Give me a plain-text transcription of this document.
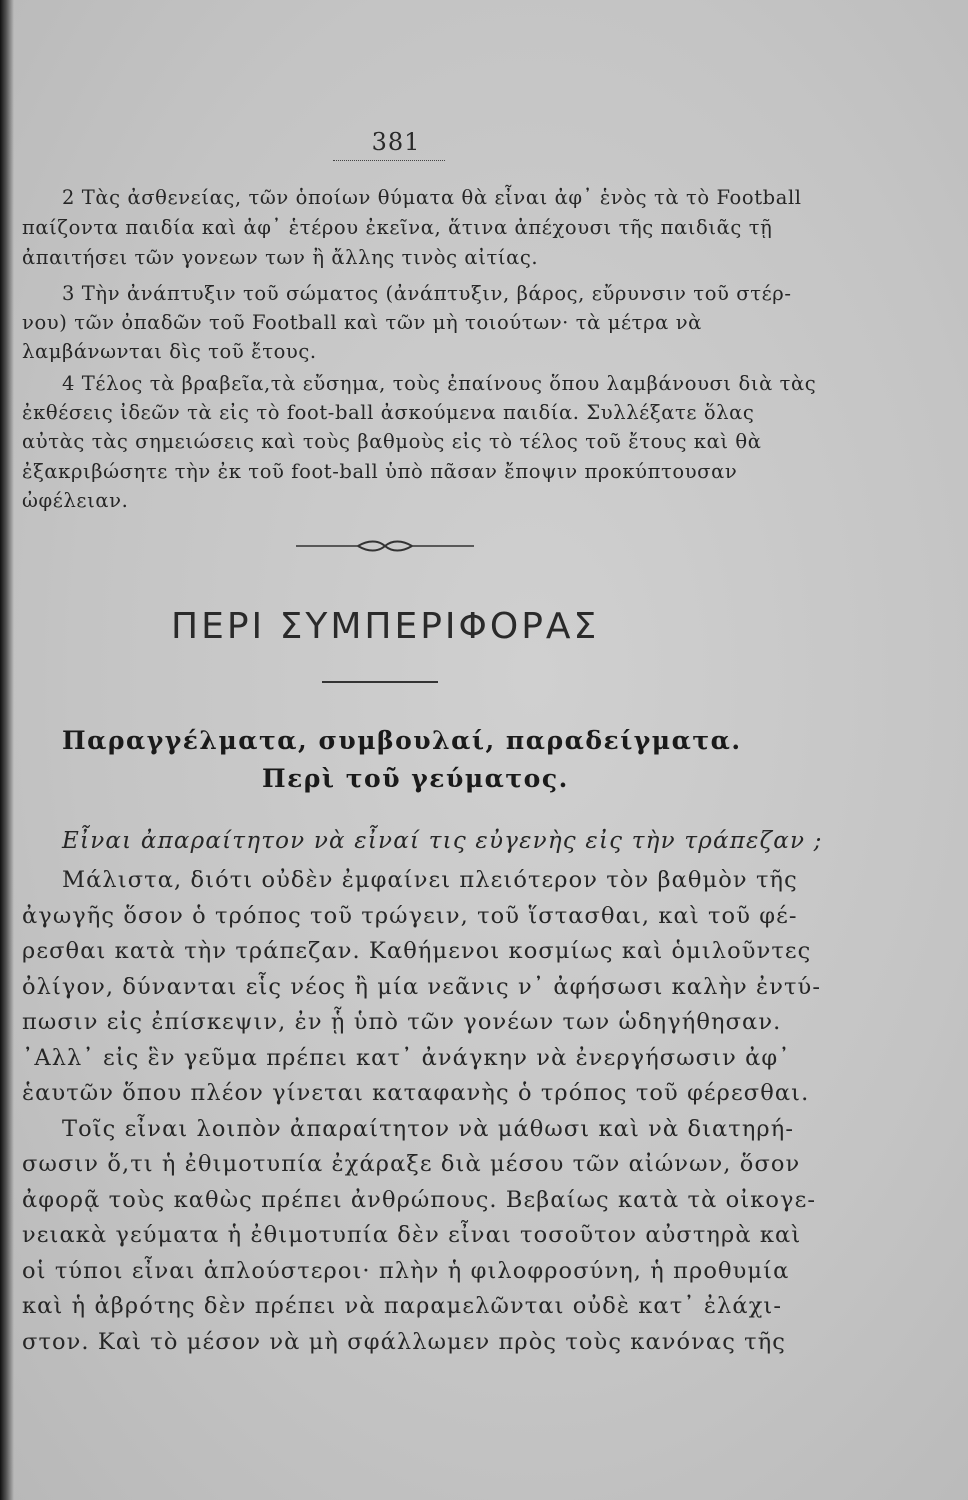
381
2 Τὰς ἀσθενείας, τῶν ὁποίων θύματα θὰ εἶναι ἀφ᾽ ἑνὸς τὰ τὸ Football
παίζοντα παιδία καὶ ἀφ᾽ ἑτέρου ἐκεῖνα, ἅτινα ἀπέχουσι τῆς παιδιᾶς τῇ
ἀπαιτήσει τῶν γονεων των ἢ ἄλλης τινὸς αἰτίας.
3 Τὴν ἀνάπτυξιν τοῦ σώματος (ἀνάπτυξιν, βάρος, εὔρυνσιν τοῦ στέρ-
νου) τῶν ὀπαδῶν τοῦ Football καὶ τῶν μὴ τοιούτων· τὰ μέτρα νὰ
λαμβάνωνται δὶς τοῦ ἔτους.
4 Τέλος τὰ βραβεῖα,τὰ εὔσημα, τοὺς ἐπαίνους ὅπου λαμβάνουσι διὰ τὰς
ἐκθέσεις ἰδεῶν τὰ εἰς τὸ foot-ball ἀσκούμενα παιδία. Συλλέξατε ὅλας
αὐτὰς τὰς σημειώσεις καὶ τοὺς βαθμοὺς εἰς τὸ τέλος τοῦ ἔτους καὶ θὰ
ἐξακριβώσητε τὴν ἐκ τοῦ foot-ball ὑπὸ πᾶσαν ἔποψιν προκύπτουσαν
ὠφέλειαν.
ΠΕΡΙ ΣΥΜΠΕΡΙΦΟΡΑΣ
Παραγγέλματα, συμβουλαί, παραδείγματα.
Περὶ τοῦ γεύματος.
Εἶναι ἀπαραίτητον νὰ εἶναί τις εὐγενὴς εἰς τὴν τράπεζαν ;
Μάλιστα, διότι οὐδὲν ἐμφαίνει πλειότερον τὸν βαθμὸν τῆς
ἀγωγῆς ὅσον ὁ τρόπος τοῦ τρώγειν, τοῦ ἵστασθαι, καὶ τοῦ φέ-
ρεσθαι κατὰ τὴν τράπεζαν. Καθήμενοι κοσμίως καὶ ὁμιλοῦντες
ὀλίγον, δύνανται εἷς νέος ἢ μία νεᾶνις ν᾽ ἀφήσωσι καλὴν ἐντύ-
πωσιν εἰς ἐπίσκεψιν, ἐν ᾗ ὑπὸ τῶν γονέων των ὡδηγήθησαν.
᾽Αλλ᾽ εἰς ἓν γεῦμα πρέπει κατ᾽ ἀνάγκην νὰ ἐνεργήσωσιν ἀφ᾽
ἑαυτῶν ὅπου πλέον γίνεται καταφανὴς ὁ τρόπος τοῦ φέρεσθαι.
Τοῖς εἶναι λοιπὸν ἀπαραίτητον νὰ μάθωσι καὶ νὰ διατηρή-
σωσιν ὅ,τι ἡ ἐθιμοτυπία ἐχάραξε διὰ μέσου τῶν αἰώνων, ὅσον
ἀφορᾷ τοὺς καθὼς πρέπει ἀνθρώπους. Βεβαίως κατὰ τὰ οἰκογε-
νειακὰ γεύματα ἡ ἐθιμοτυπία δὲν εἶναι τοσοῦτον αὐστηρὰ καὶ
οἱ τύποι εἶναι ἁπλούστεροι· πλὴν ἡ φιλοφροσύνη, ἡ προθυμία
καὶ ἡ ἀβρότης δὲν πρέπει νὰ παραμελῶνται οὐδὲ κατ᾽ ἐλάχι-
στον. Καὶ τὸ μέσον νὰ μὴ σφάλλωμεν πρὸς τοὺς κανόνας τῆς
